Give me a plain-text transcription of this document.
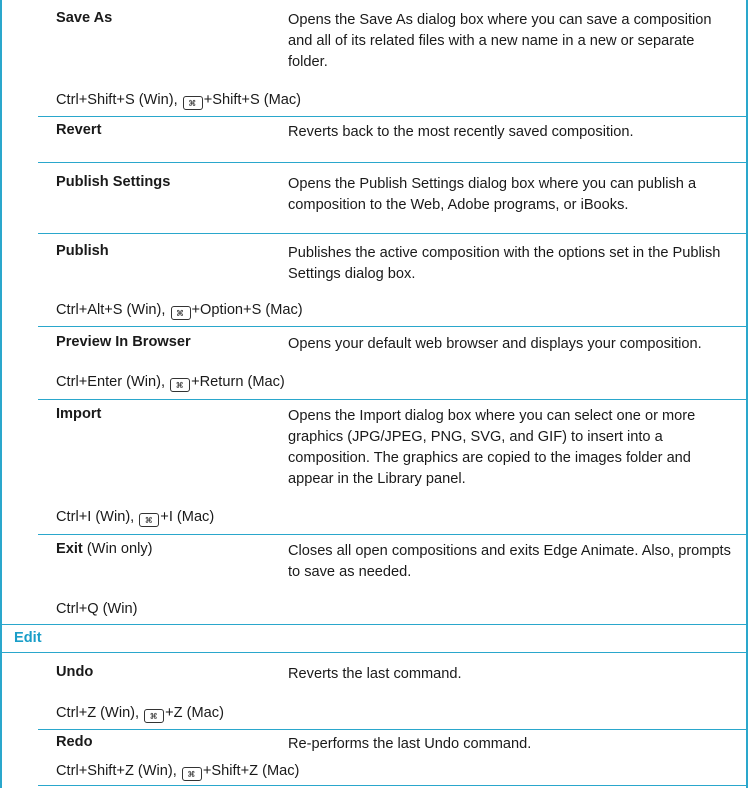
Save As	Opens the Save As dialog box where you can save a composition and all of its related files with a new name in a new or separate folder.
Ctrl+Shift+S (Win), ⌘ +Shift+S (Mac)
Revert	Reverts back to the most recently saved composition.
Publish Settings	Opens the Publish Settings dialog box where you can publish a composition to the Web, Adobe programs, or iBooks.
Publish	Publishes the active composition with the options set in the Publish Settings dialog box.
Ctrl+Alt+S (Win), ⌘ +Option+S (Mac)
Preview In Browser	Opens your default web browser and displays your composition.
Ctrl+Enter (Win), ⌘ +Return (Mac)
Import	Opens the Import dialog box where you can select one or more graphics (JPG/JPEG, PNG, SVG, and GIF) to insert into a composition. The graphics are copied to the images folder and appear in the Library panel.
Ctrl+I (Win), ⌘ +I (Mac)
Exit (Win only)	Closes all open compositions and exits Edge Animate. Also, prompts to save as needed.
Ctrl+Q (Win)
Edit
Undo	Reverts the last command.
Ctrl+Z (Win), ⌘ +Z (Mac)
Redo	Re-performs the last Undo command.
Ctrl+Shift+Z (Win), ⌘ +Shift+Z (Mac)
